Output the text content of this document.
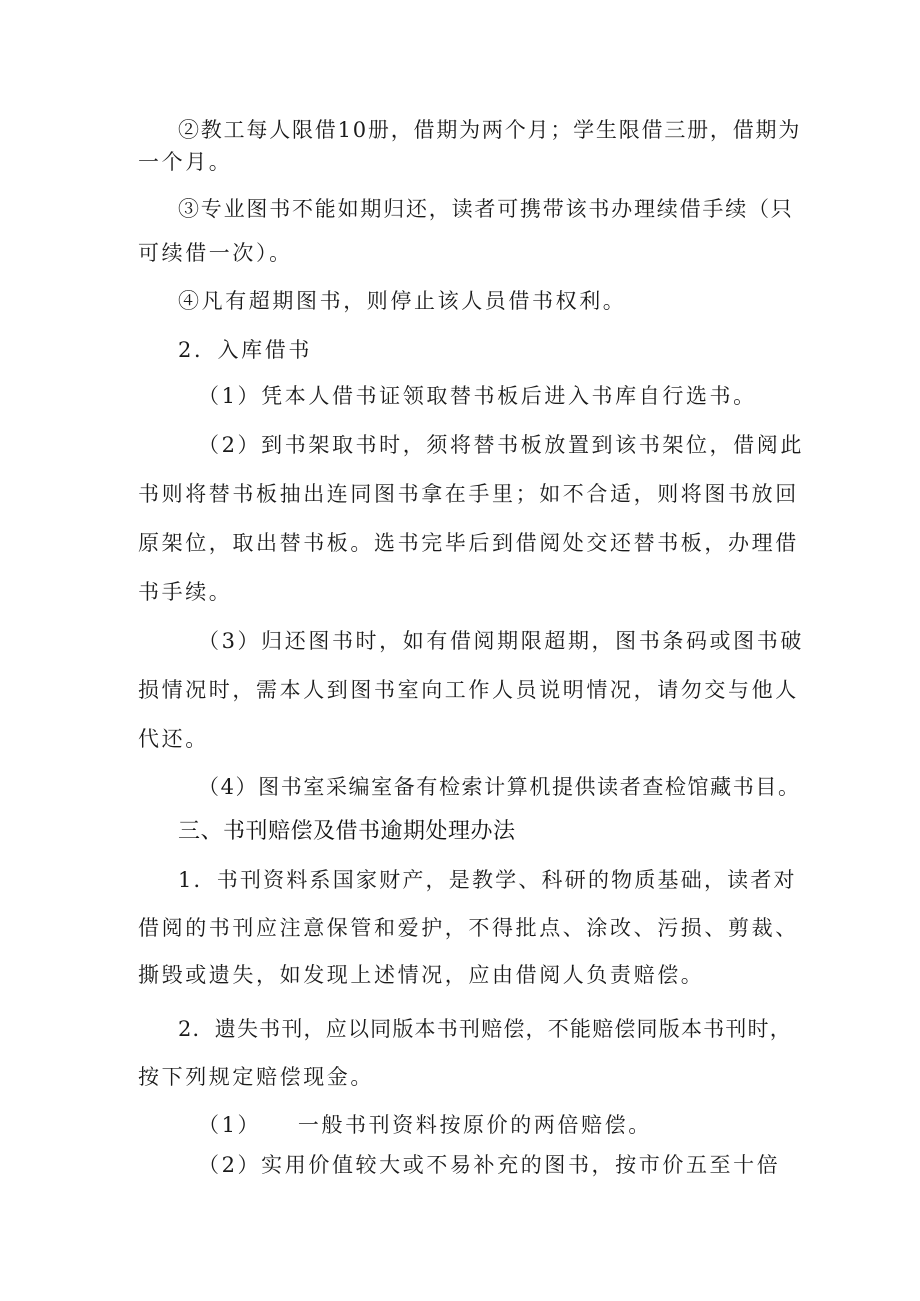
②教工每人限借10册，借期为两个月；学生限借三册，借期为
一个月。
③专业图书不能如期归还，读者可携带该书办理续借手续（只
可续借一次）。
④凡有超期图书，则停止该人员借书权利。
2．入库借书
（1）凭本人借书证领取替书板后进入书库自行选书。
（2）到书架取书时，须将替书板放置到该书架位，借阅此
书则将替书板抽出连同图书拿在手里；如不合适，则将图书放回
原架位，取出替书板。选书完毕后到借阅处交还替书板，办理借
书手续。
（3）归还图书时，如有借阅期限超期，图书条码或图书破
损情况时，需本人到图书室向工作人员说明情况，请勿交与他人
代还。
（4）图书室采编室备有检索计算机提供读者查检馆藏书目。
三、书刊赔偿及借书逾期处理办法
1．书刊资料系国家财产，是教学、科研的物质基础，读者对
借阅的书刊应注意保管和爱护，不得批点、涂改、污损、剪裁、
撕毁或遗失，如发现上述情况，应由借阅人负责赔偿。
2．遗失书刊，应以同版本书刊赔偿，不能赔偿同版本书刊时，
按下列规定赔偿现金。
（1）　　一般书刊资料按原价的两倍赔偿。
（2）实用价值较大或不易补充的图书，按市价五至十倍
